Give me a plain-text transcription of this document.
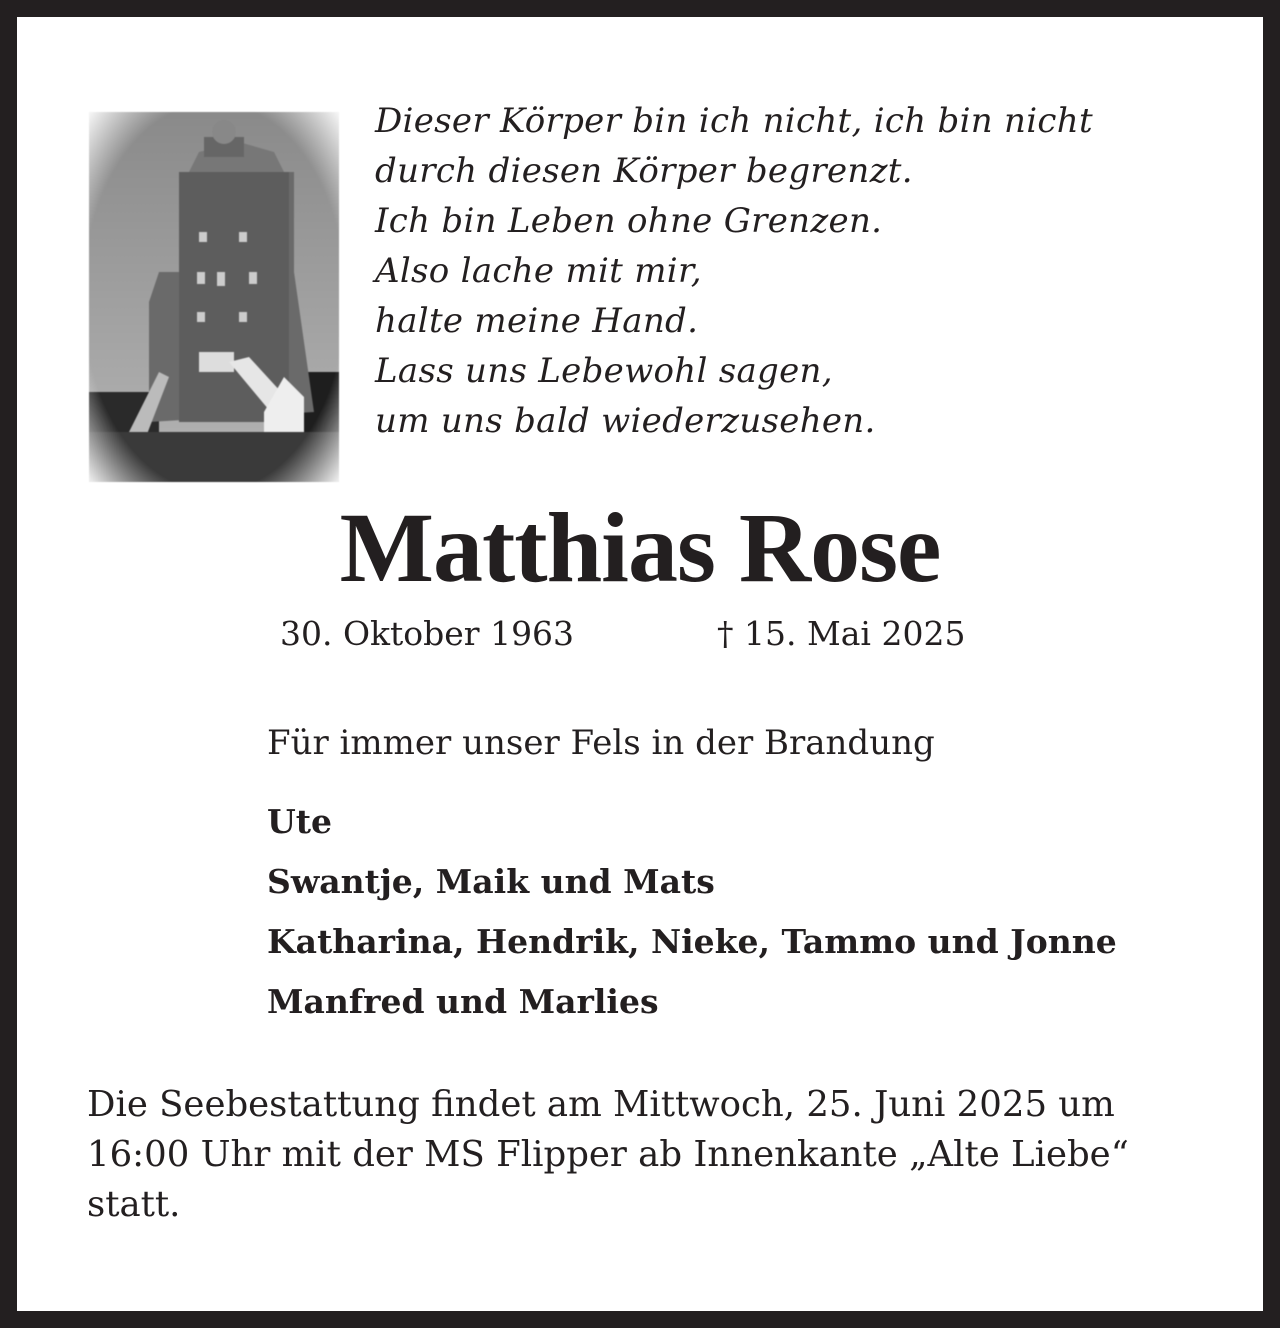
Dieser Körper bin ich nicht, ich bin nicht
durch diesen Körper begrenzt.
Ich bin Leben ohne Grenzen.
Also lache mit mir,
halte meine Hand.
Lass uns Lebewohl sagen,
um uns bald wiederzusehen.
Matthias Rose
30. Oktober 1963	† 15. Mai 2025
Für immer unser Fels in der Brandung
Ute
Swantje, Maik und Mats
Katharina, Hendrik, Nieke, Tammo und Jonne
Manfred und Marlies
Die Seebestattung findet am Mittwoch, 25. Juni 2025 um 16:00 Uhr mit der MS Flipper ab Innenkante „Alte Liebe“ statt.
